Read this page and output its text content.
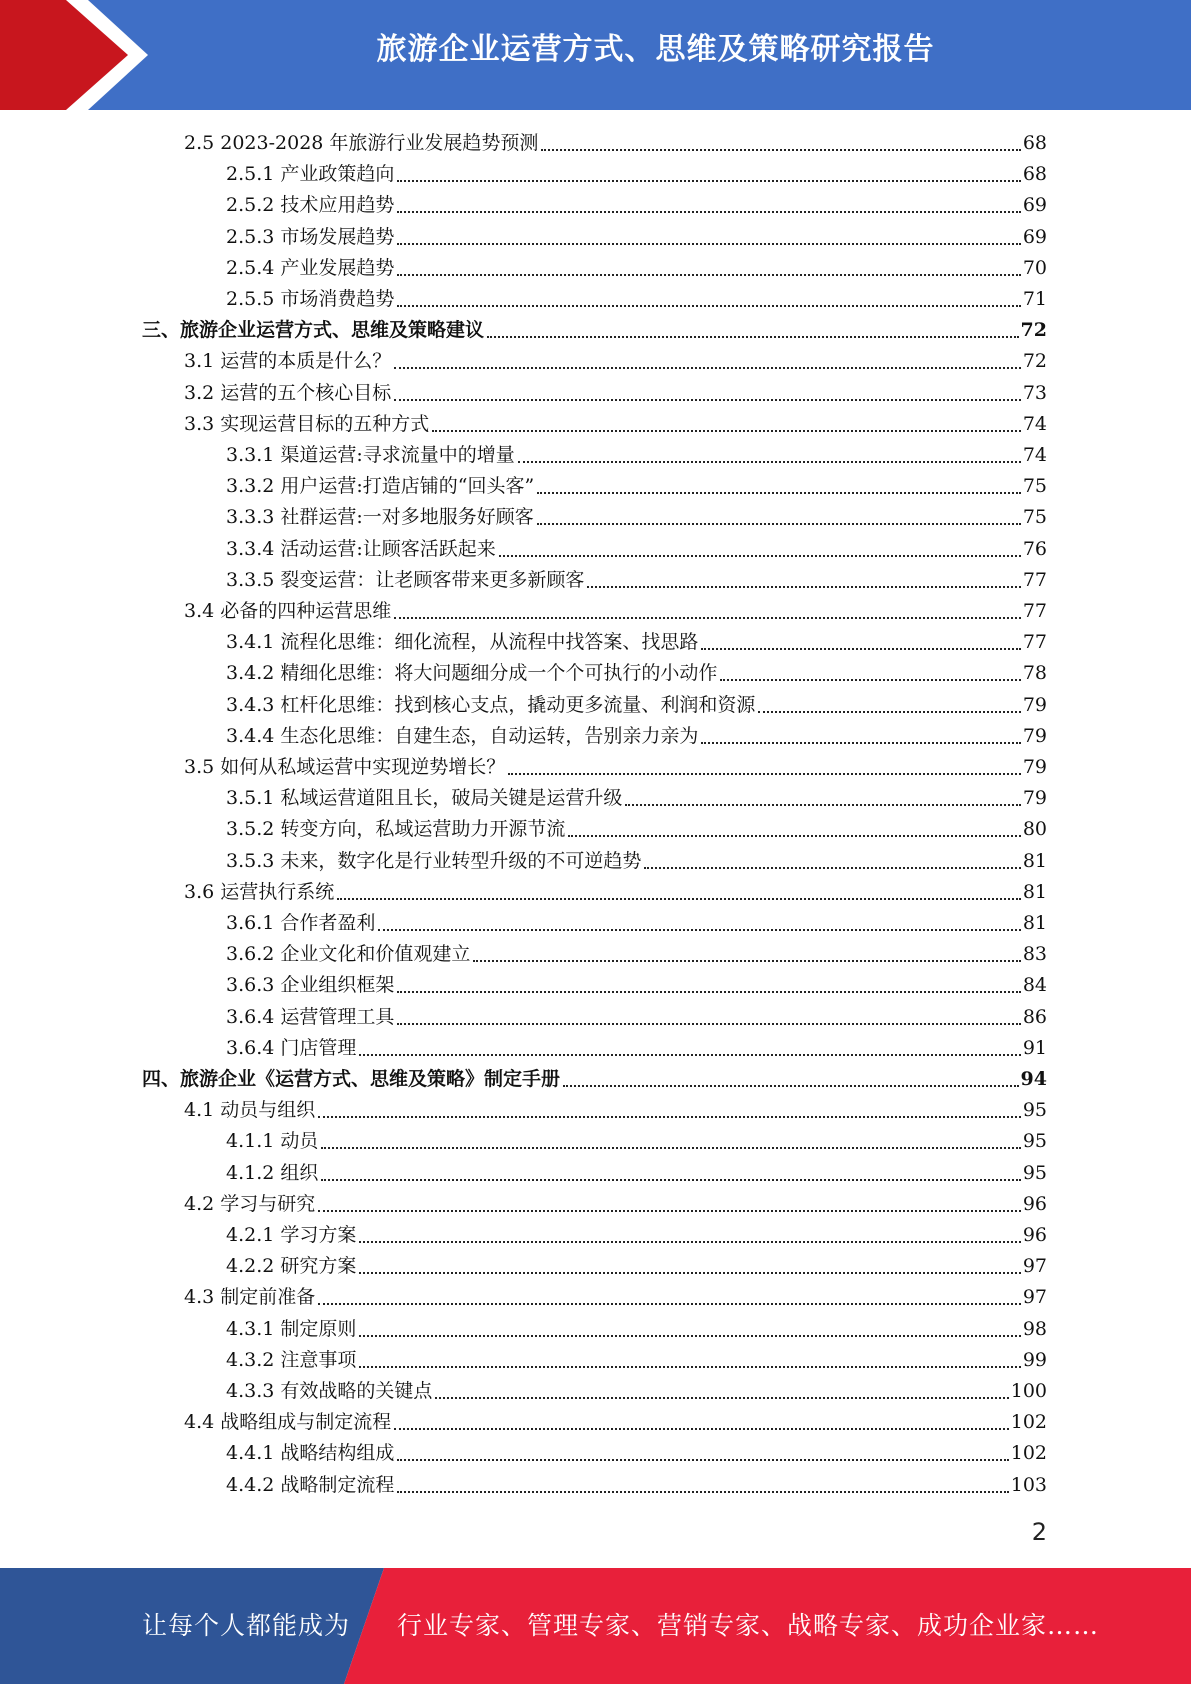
旅游企业运营方式、思维及策略研究报告
2.5 2023-2028 年旅游行业发展趋势预测	68
2.5.1 产业政策趋向	68
2.5.2 技术应用趋势	69
2.5.3 市场发展趋势	69
2.5.4 产业发展趋势	70
2.5.5 市场消费趋势	71
三、旅游企业运营方式、思维及策略建议	72
3.1 运营的本质是什么？	72
3.2 运营的五个核心目标	73
3.3 实现运营目标的五种方式	74
3.3.1 渠道运营:寻求流量中的增量	74
3.3.2 用户运营:打造店铺的“回头客”	75
3.3.3 社群运营:一对多地服务好顾客	75
3.3.4 活动运营:让顾客活跃起来	76
3.3.5 裂变运营：让老顾客带来更多新顾客	77
3.4 必备的四种运营思维	77
3.4.1 流程化思维：细化流程，从流程中找答案、找思路	77
3.4.2 精细化思维：将大问题细分成一个个可执行的小动作	78
3.4.3 杠杆化思维：找到核心支点，撬动更多流量、利润和资源	79
3.4.4 生态化思维：自建生态，自动运转，告别亲力亲为	79
3.5 如何从私域运营中实现逆势增长？	79
3.5.1 私域运营道阻且长，破局关键是运营升级	79
3.5.2 转变方向，私域运营助力开源节流	80
3.5.3 未来，数字化是行业转型升级的不可逆趋势	81
3.6 运营执行系统	81
3.6.1 合作者盈利	81
3.6.2 企业文化和价值观建立	83
3.6.3 企业组织框架	84
3.6.4 运营管理工具	86
3.6.4 门店管理	91
四、旅游企业《运营方式、思维及策略》制定手册	94
4.1 动员与组织	95
4.1.1 动员	95
4.1.2 组织	95
4.2 学习与研究	96
4.2.1 学习方案	96
4.2.2 研究方案	97
4.3 制定前准备	97
4.3.1 制定原则	98
4.3.2 注意事项	99
4.3.3 有效战略的关键点	100
4.4 战略组成与制定流程	102
4.4.1 战略结构组成	102
4.4.2 战略制定流程	103
2
让每个人都能成为 行业专家、管理专家、营销专家、战略专家、成功企业家……
